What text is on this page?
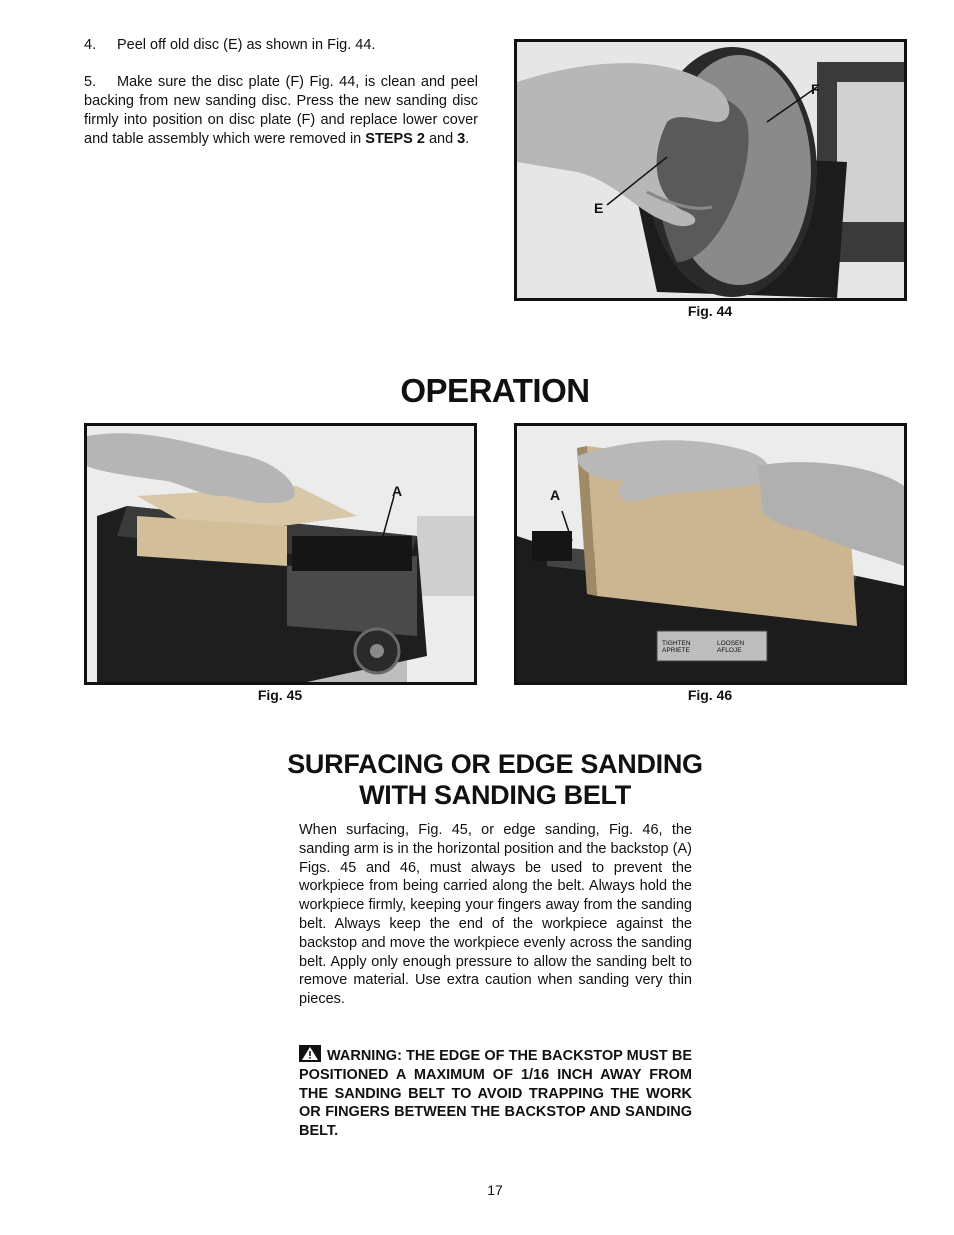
4. Peel off old disc (E) as shown in Fig. 44.
5. Make sure the disc plate (F) Fig. 44, is clean and peel backing from new sanding disc. Press the new sanding disc firmly into position on disc plate (F) and replace lower cover and table assembly which were removed in STEPS 2 and 3.
F
E
Fig. 44
OPERATION
A
Fig. 45
A
TIGHTEN
APRIETE
LOOSEN
AFLOJE
Fig. 46
SURFACING OR EDGE SANDING
WITH SANDING BELT
When surfacing, Fig. 45, or edge sanding, Fig. 46, the sanding arm is in the horizontal position and the backstop (A) Figs. 45 and 46, must always be used to prevent the workpiece from being carried along the belt. Always hold the workpiece firmly, keeping your fingers away from the sanding belt. Always keep the end of the workpiece against the backstop and move the workpiece evenly across the sanding belt. Apply only enough pressure to allow the sanding belt to remove material. Use extra caution when sanding very thin pieces.
WARNING: THE EDGE OF THE BACKSTOP MUST BE POSITIONED A MAXIMUM OF 1/16 INCH AWAY FROM THE SANDING BELT TO AVOID TRAPPING THE WORK OR FINGERS BETWEEN THE BACKSTOP AND SANDING BELT.
17
